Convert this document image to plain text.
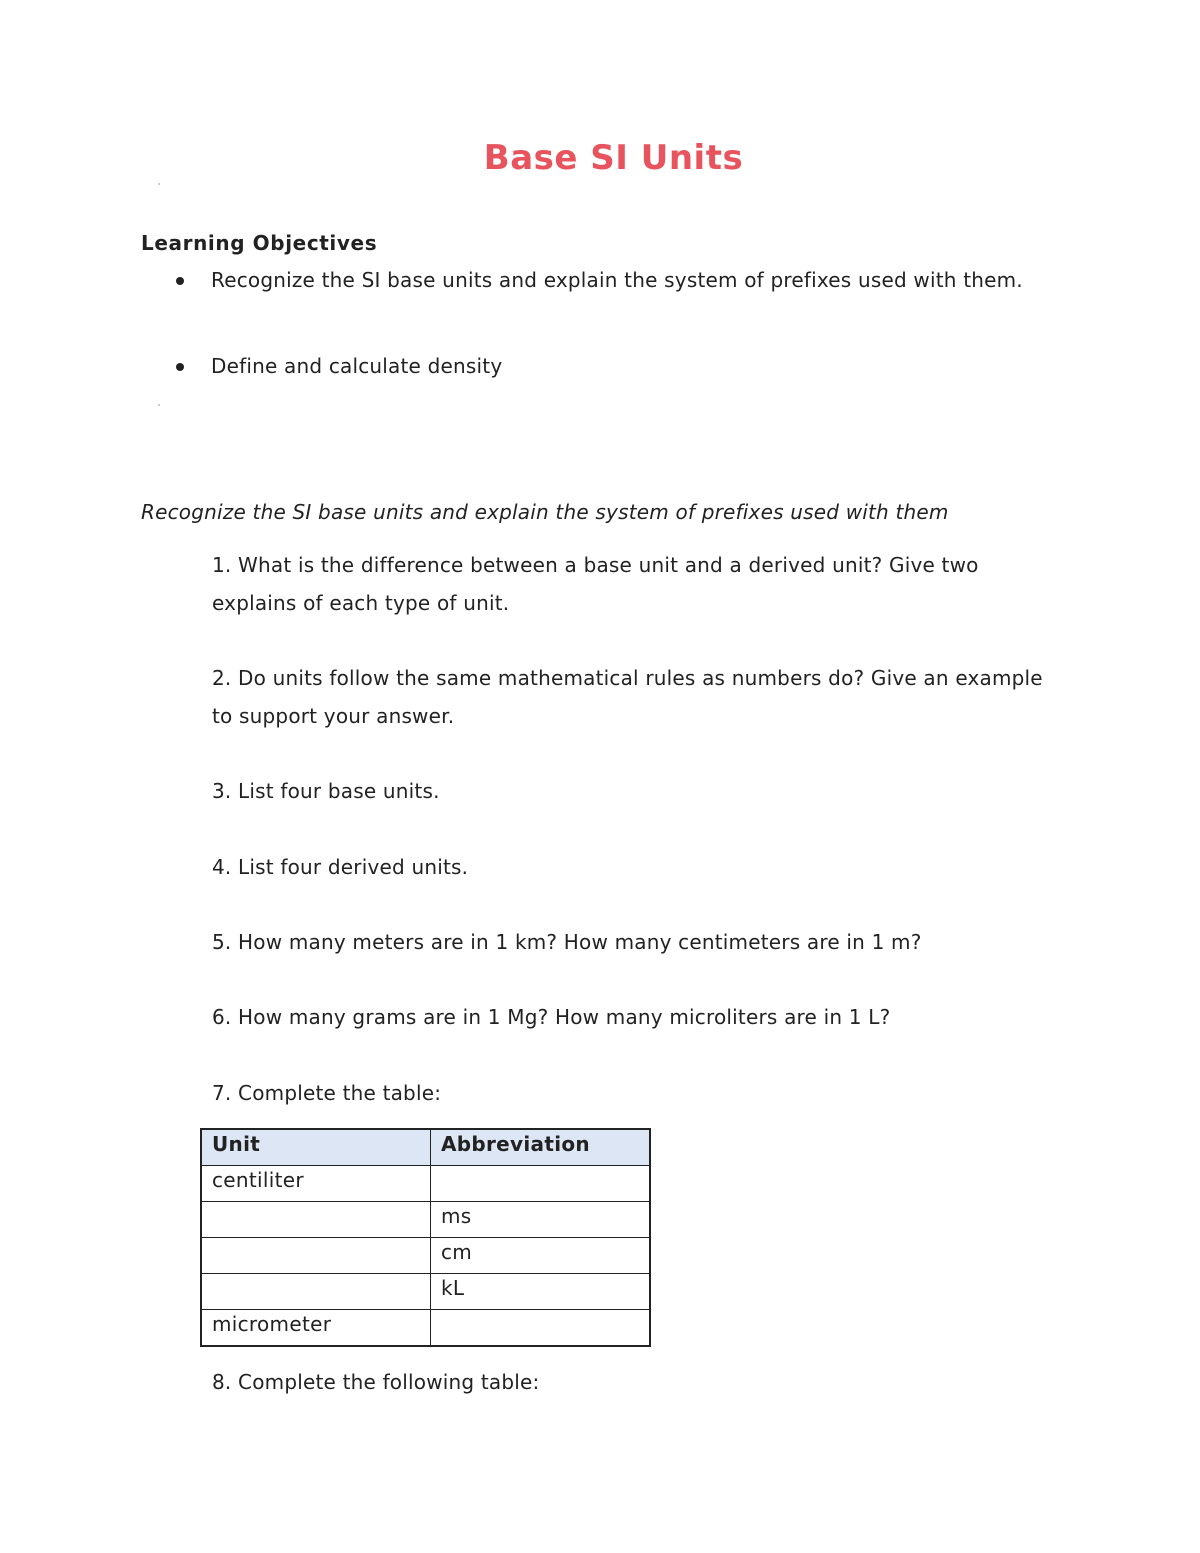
Base SI Units
Learning Objectives
Recognize the SI base units and explain the system of prefixes used with them.
Define and calculate density
Recognize the SI base units and explain the system of prefixes used with them
1. What is the difference between a base unit and a derived unit? Give two explains of each type of unit.
2. Do units follow the same mathematical rules as numbers do? Give an example to support your answer.
3. List four base units.
4. List four derived units.
5. How many meters are in 1 km? How many centimeters are in 1 m?
6. How many grams are in 1 Mg? How many microliters are in 1 L?
7. Complete the table:
Unit	Abbreviation
centiliter	
	ms
	cm
	kL
micrometer	
8. Complete the following table:
